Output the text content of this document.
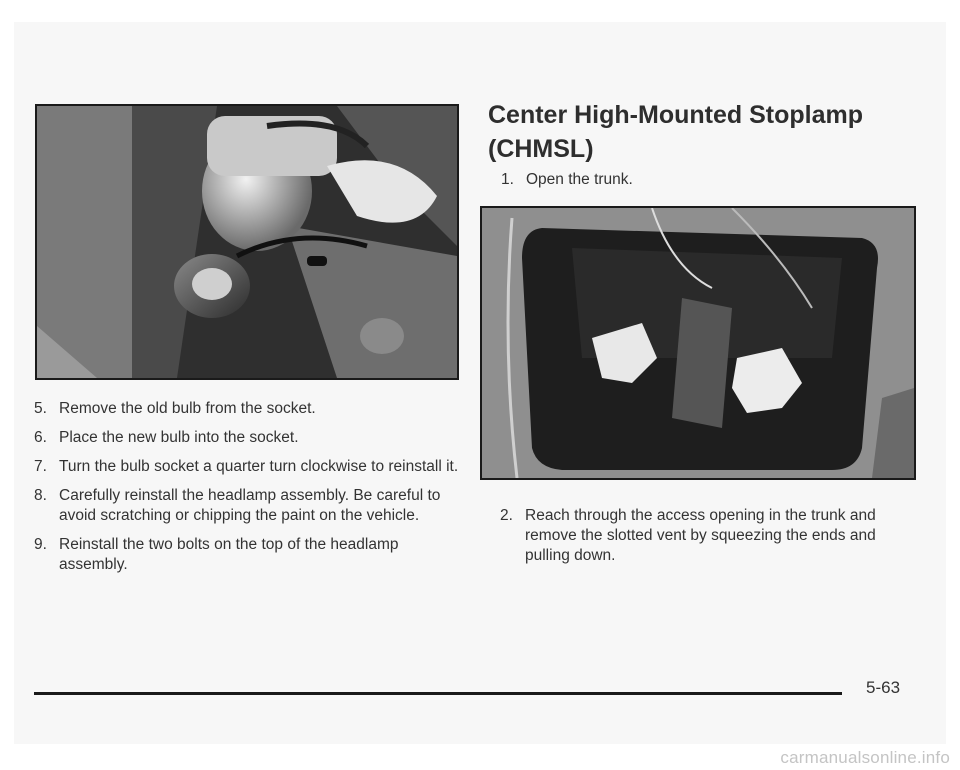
Center High-Mounted Stoplamp
(CHMSL)
1. Open the trunk.
2. Reach through the access opening in the trunk and remove the slotted vent by squeezing the ends and pulling down.
5. Remove the old bulb from the socket.
6. Place the new bulb into the socket.
7. Turn the bulb socket a quarter turn clockwise to reinstall it.
8. Carefully reinstall the headlamp assembly. Be careful to avoid scratching or chipping the paint on the vehicle.
9. Reinstall the two bolts on the top of the headlamp assembly.
5-63
carmanualsonline.info
